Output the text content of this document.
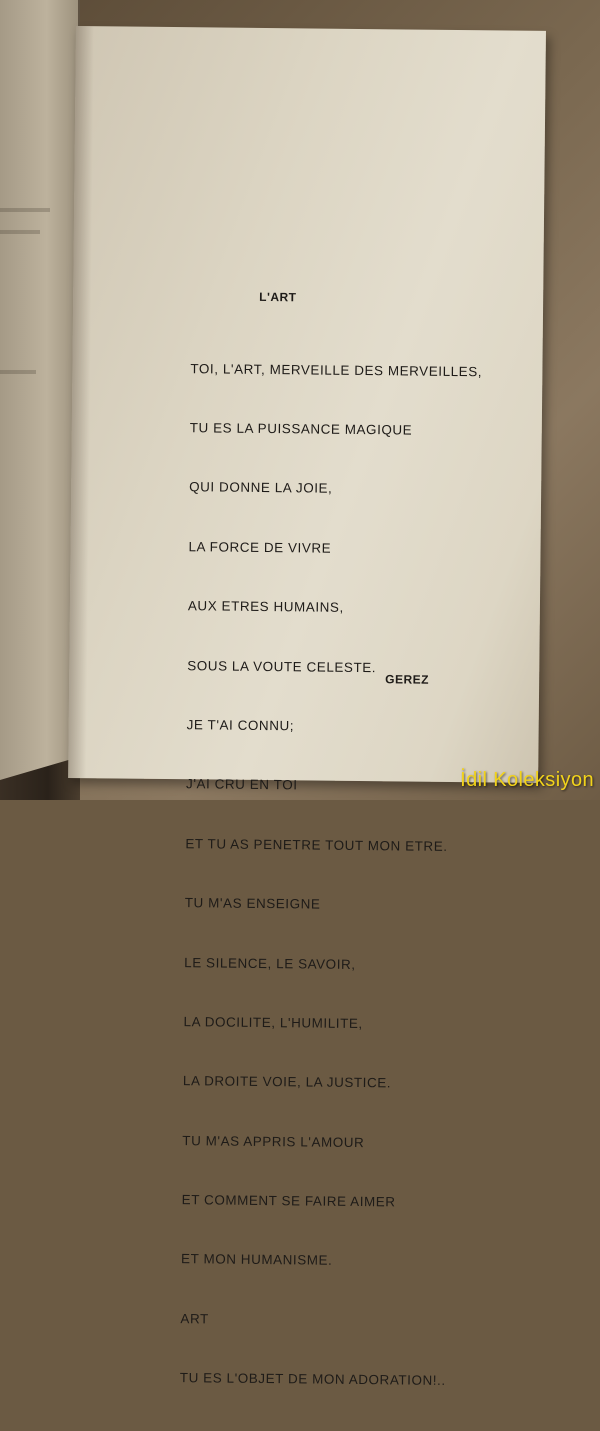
L'ART

TOI, L'ART, MERVEILLE DES MERVEILLES,

TU ES LA PUISSANCE MAGIQUE

QUI DONNE LA JOIE,

LA FORCE DE VIVRE

AUX ETRES HUMAINS,

SOUS LA VOUTE CELESTE.

JE T'AI CONNU;

J'AI CRU EN TOI

ET TU AS PENETRE TOUT MON ETRE.

TU M'AS ENSEIGNE

LE SILENCE, LE SAVOIR,

LA DOCILITE, L'HUMILITE,

LA DROITE VOIE, LA JUSTICE.

TU M'AS APPRIS L'AMOUR

ET COMMENT SE FAIRE AIMER

ET MON HUMANISME.

ART

TU ES L'OBJET DE MON ADORATION!..

GEREZ
İdil Koleksiyon
